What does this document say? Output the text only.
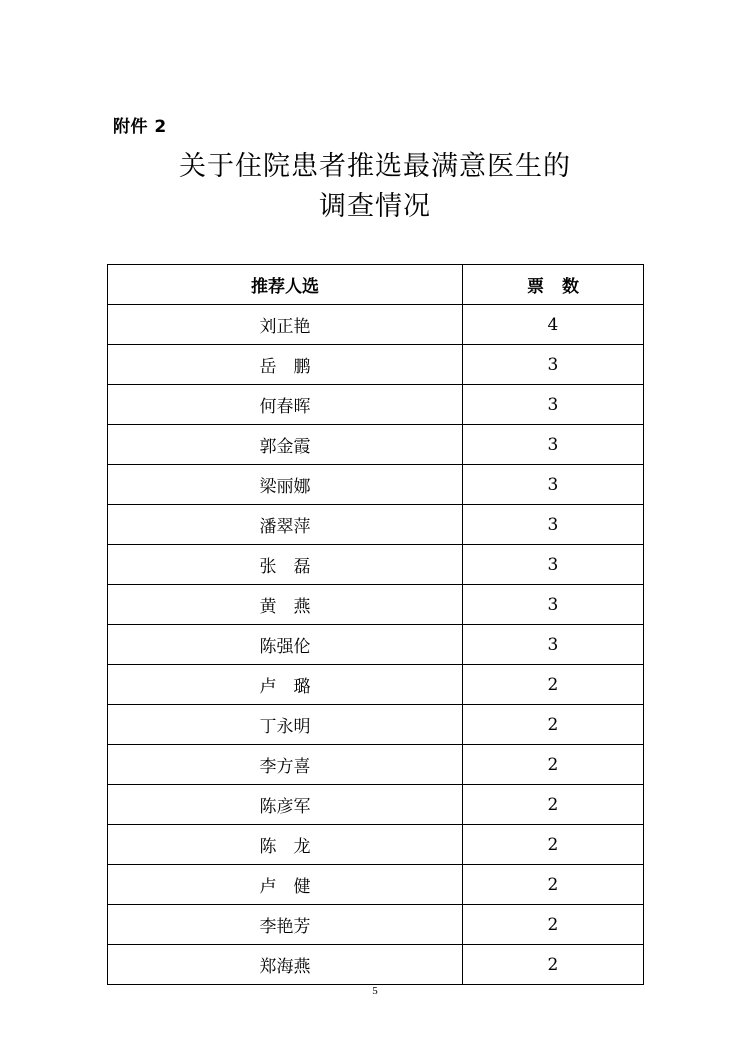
附件 2
关于住院患者推选最满意医生的
调查情况
推荐人选	票数
刘正艳	4
岳　鹏	3
何春晖	3
郭金霞	3
梁丽娜	3
潘翠萍	3
张　磊	3
黄　燕	3
陈强伦	3
卢　璐	2
丁永明	2
李方喜	2
陈彦军	2
陈　龙	2
卢　健	2
李艳芳	2
郑海燕	2
5
